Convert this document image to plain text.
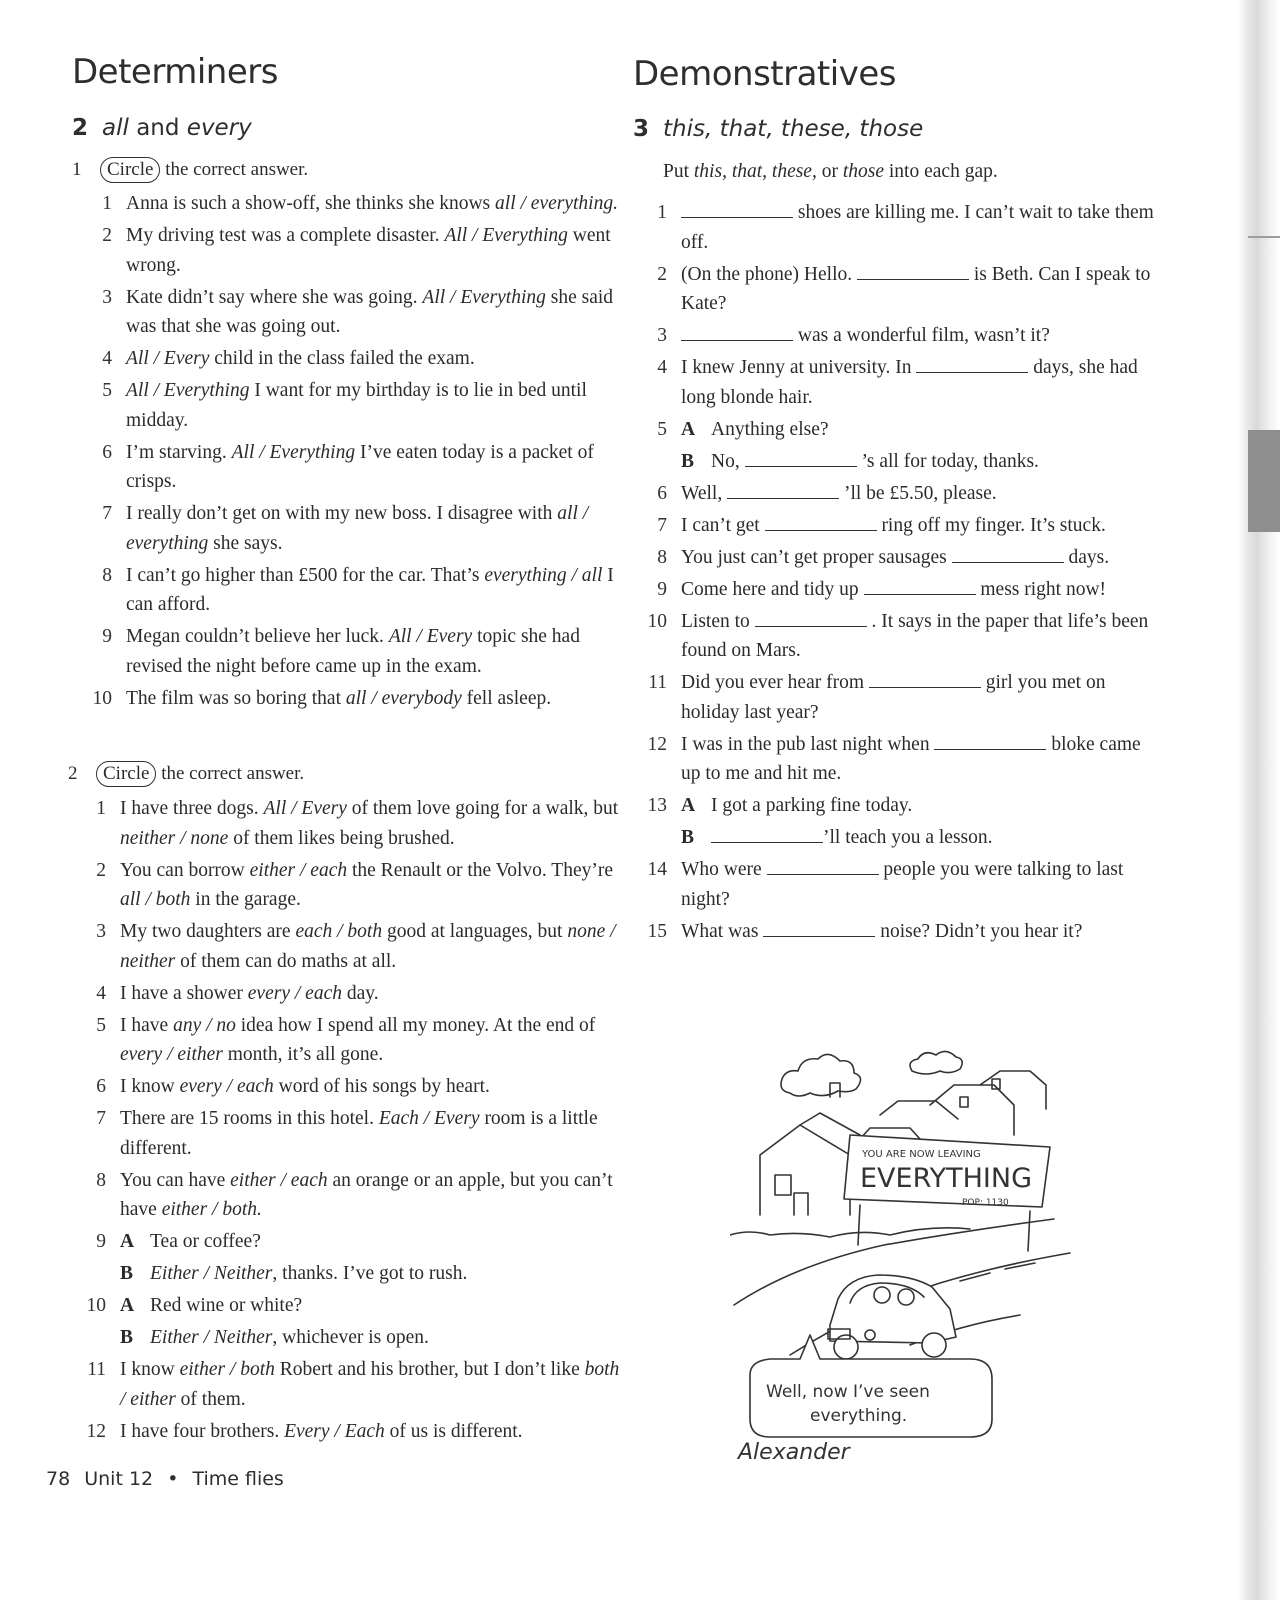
Determiners
2 all and every
1	Circle the correct answer.
1 Anna is such a show-off, she thinks she knows all / everything.
2 My driving test was a complete disaster. All / Everything went wrong.
3 Kate didn’t say where she was going. All / Everything she said was that she was going out.
4 All / Every child in the class failed the exam.
5 All / Everything I want for my birthday is to lie in bed until midday.
6 I’m starving. All / Everything I’ve eaten today is a packet of crisps.
7 I really don’t get on with my new boss. I disagree with all / everything she says.
8 I can’t go higher than £500 for the car. That’s everything / all I can afford.
9 Megan couldn’t believe her luck. All / Every topic she had revised the night before came up in the exam.
10 The film was so boring that all / everybody fell asleep.
2	Circle the correct answer.
1 I have three dogs. All / Every of them love going for a walk, but neither / none of them likes being brushed.
2 You can borrow either / each the Renault or the Volvo. They’re all / both in the garage.
3 My two daughters are each / both good at languages, but none / neither of them can do maths at all.
4 I have a shower every / each day.
5 I have any / no idea how I spend all my money. At the end of every / either month, it’s all gone.
6 I know every / each word of his songs by heart.
7 There are 15 rooms in this hotel. Each / Every room is a little different.
8 You can have either / each an orange or an apple, but you can’t have either / both.
9 A Tea or coffee?
B Either / Neither, thanks. I’ve got to rush.
10 A Red wine or white?
B Either / Neither, whichever is open.
11 I know either / both Robert and his brother, but I don’t like both / either of them.
12 I have four brothers. Every / Each of us is different.
Demonstratives
3 this, that, these, those
Put this, that, these, or those into each gap.
1	shoes are killing me. I can’t wait to take them off.
2 (On the phone) Hello.	is Beth. Can I speak to Kate?
3	was a wonderful film, wasn’t it?
4 I knew Jenny at university. In	days, she had long blonde hair.
5 A Anything else?
B No,	’s all for today, thanks.
6 Well,	’ll be £5.50, please.
7 I can’t get	ring off my finger. It’s stuck.
8 You just can’t get proper sausages	days.
9 Come here and tidy up	mess right now!
10 Listen to	. It says in the paper that life’s been found on Mars.
11 Did you ever hear from	girl you met on holiday last year?
12 I was in the pub last night when	bloke came up to me and hit me.
13 A I got a parking fine today.
B	’ll teach you a lesson.
14 Who were	people you were talking to last night?
15 What was	noise? Didn’t you hear it?
YOU ARE NOW LEAVING
EVERYTHING
POP: 1130
Well, now I’ve seen
everything.
Alexander
78 Unit 12 • Time flies
